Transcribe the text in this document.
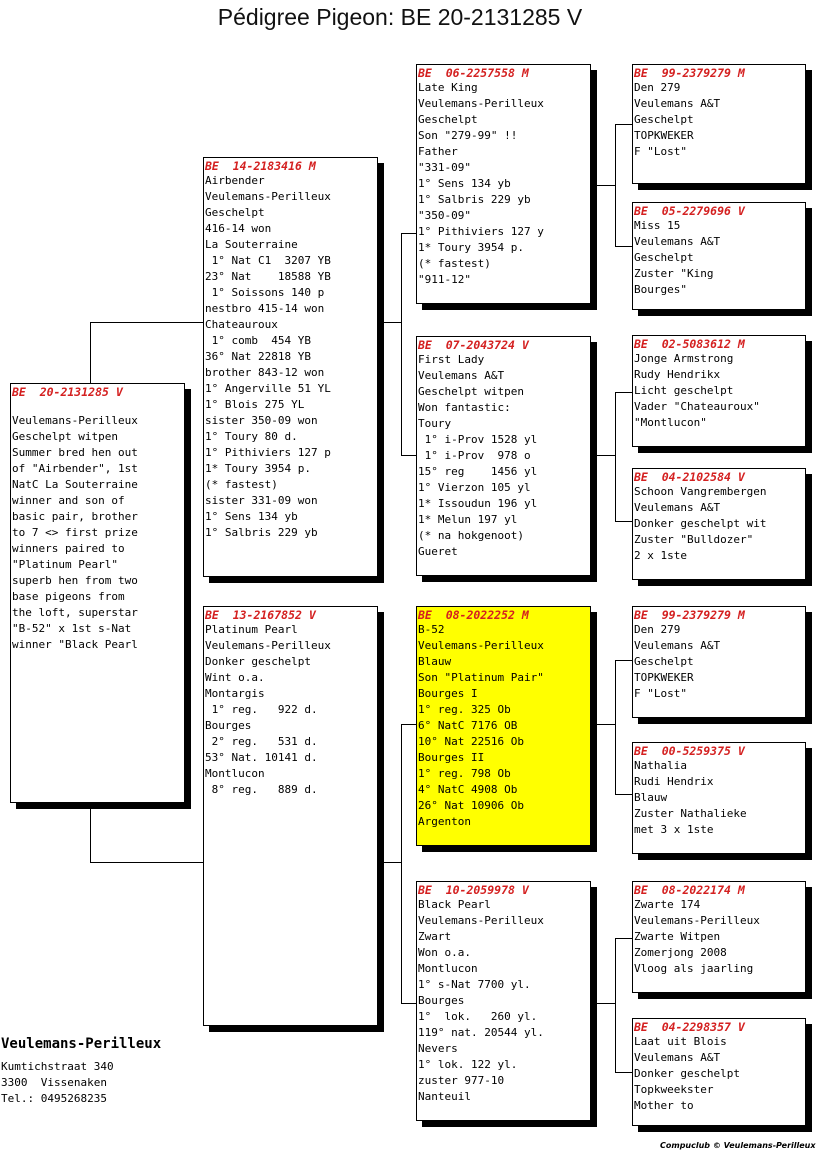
Pédigree Pigeon: BE 20-2131285 V
BE  20-2131285 V
Veulemans-Perilleux
Geschelpt witpen
Summer bred hen out
of "Airbender", 1st
NatC La Souterraine
winner and son of
basic pair, brother
to 7 <> first prize
winners paired to
"Platinum Pearl"
superb hen from two
base pigeons from
the loft, superstar
"B-52" x 1st s-Nat
winner "Black Pearl
BE  14-2183416 M
Airbender
Veulemans-Perilleux
Geschelpt
416-14 won
La Souterraine
1° Nat C1  3207 YB
23° Nat    18588 YB
1° Soissons 140 p
nestbro 415-14 won
Chateauroux
1° comb  454 YB
36° Nat 22818 YB
brother 843-12 won
1° Angerville 51 YL
1° Blois 275 YL
sister 350-09 won
1° Toury 80 d.
1° Pithiviers 127 p
1* Toury 3954 p.
(* fastest)
sister 331-09 won
1° Sens 134 yb
1° Salbris 229 yb
BE  13-2167852 V
Platinum Pearl
Veulemans-Perilleux
Donker geschelpt
Wint o.a.
Montargis
1° reg.   922 d.
Bourges
2° reg.   531 d.
53° Nat. 10141 d.
Montlucon
8° reg.   889 d.
BE  06-2257558 M
Late King
Veulemans-Perilleux
Geschelpt
Son "279-99" !!
Father
"331-09"
1° Sens 134 yb
1° Salbris 229 yb
"350-09"
1° Pithiviers 127 y
1* Toury 3954 p.
(* fastest)
"911-12"
BE  07-2043724 V
First Lady
Veulemans A&T
Geschelpt witpen
Won fantastic:
Toury
1° i-Prov 1528 yl
1° i-Prov  978 o
15° reg    1456 yl
1° Vierzon 105 yl
1* Issoudun 196 yl
1* Melun 197 yl
(* na hokgenoot)
Gueret
BE  08-2022252 M
B-52
Veulemans-Perilleux
Blauw
Son "Platinum Pair"
Bourges I
1° reg. 325 Ob
6° NatC 7176 OB
10° Nat 22516 Ob
Bourges II
1° reg. 798 Ob
4° NatC 4908 Ob
26° Nat 10906 Ob
Argenton
BE  10-2059978 V
Black Pearl
Veulemans-Perilleux
Zwart
Won o.a.
Montlucon
1° s-Nat 7700 yl.
Bourges
1°  lok.   260 yl.
119° nat. 20544 yl.
Nevers
1° lok. 122 yl.
zuster 977-10
Nanteuil
BE  99-2379279 M
Den 279
Veulemans A&T
Geschelpt
TOPKWEKER
F "Lost"
BE  05-2279696 V
Miss 15
Veulemans A&T
Geschelpt
Zuster "King
Bourges"
BE  02-5083612 M
Jonge Armstrong
Rudy Hendrikx
Licht geschelpt
Vader "Chateauroux"
"Montlucon"
BE  04-2102584 V
Schoon Vangrembergen
Veulemans A&T
Donker geschelpt wit
Zuster "Bulldozer"
2 x 1ste
BE  99-2379279 M
Den 279
Veulemans A&T
Geschelpt
TOPKWEKER
F "Lost"
BE  00-5259375 V
Nathalia
Rudi Hendrix
Blauw
Zuster Nathalieke
met 3 x 1ste
BE  08-2022174 M
Zwarte 174
Veulemans-Perilleux
Zwarte Witpen
Zomerjong 2008
Vloog als jaarling
BE  04-2298357 V
Laat uit Blois
Veulemans A&T
Donker geschelpt
Topkweekster
Mother to
Veulemans-Perilleux
Kumtichstraat 340
3300  Vissenaken
Tel.: 0495268235
Compuclub © Veulemans-Perilleux
